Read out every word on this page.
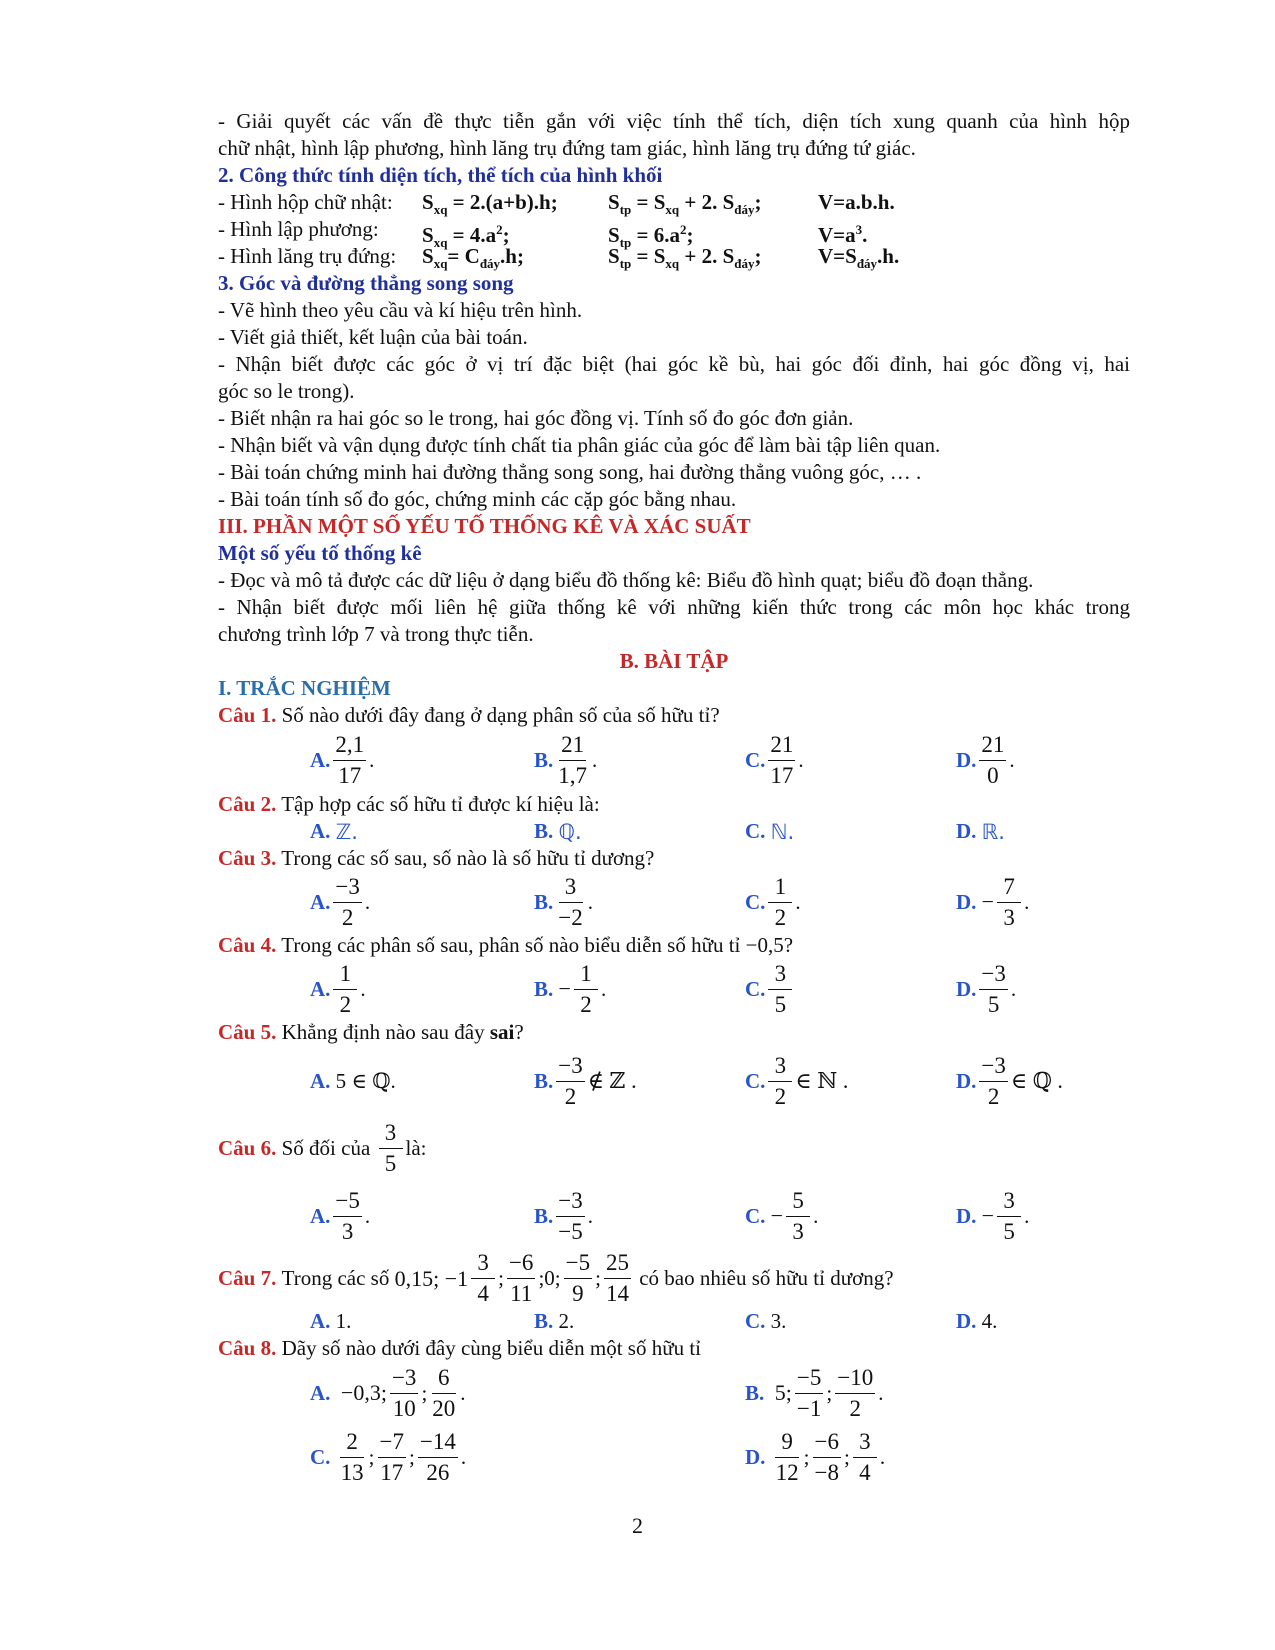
- Giải quyết các vấn đề thực tiễn gắn với việc tính thể tích, diện tích xung quanh của hình hộp
chữ nhật, hình lập phương, hình lăng trụ đứng tam giác, hình lăng trụ đứng tứ giác.
2. Công thức tính diện tích, thể tích của hình khối
- Hình hộp chữ nhật: $S_{xq} = 2.(a+b).h$; $S_{tp} = S_{xq} + 2$. $S_{đáy}$;	V=a.b.h.
- Hình lập phương: $S_{xq} = 4.a^2$;	$S_{tp} = 6.a^2$;	$V=a^3$.
- Hình lăng trụ đứng: $S_{xq}= C_{đáy}.h$;	$S_{tp} = S_{xq} + 2$. $S_{đáy}$;	$V=S_{đáy}.h$.
3. Góc và đường thẳng song song
- Vẽ hình theo yêu cầu và kí hiệu trên hình.
- Viết giả thiết, kết luận của bài toán.
- Nhận biết được các góc ở vị trí đặc biệt (hai góc kề bù, hai góc đối đỉnh, hai góc đồng vị, hai
góc so le trong).
- Biết nhận ra hai góc so le trong, hai góc đồng vị. Tính số đo góc đơn giản.
- Nhận biết và vận dụng được tính chất tia phân giác của góc để làm bài tập liên quan.
- Bài toán chứng minh hai đường thẳng song song, hai đường thẳng vuông góc, … .
- Bài toán tính số đo góc, chứng minh các cặp góc bằng nhau.
III. PHẦN MỘT SỐ YẾU TỐ THỐNG KÊ VÀ XÁC SUẤT
Một số yếu tố thống kê
- Đọc và mô tả được các dữ liệu ở dạng biểu đồ thống kê: Biểu đồ hình quạt; biểu đồ đoạn thẳng.
- Nhận biết được mối liên hệ giữa thống kê với những kiến thức trong các môn học khác trong
chương trình lớp 7 và trong thực tiễn.
B. BÀI TẬP
I. TRẮC NGHIỆM
Câu 1. Số nào dưới đây đang ở dạng phân số của số hữu tỉ?
A. $\frac{2,1}{17}$ .	B. $\frac{21}{1,7}$ .	C. $\frac{21}{17}$ .	D. $\frac{21}{0}$ .
Câu 2. Tập hợp các số hữu tỉ được kí hiệu là:
A.
ℤ.	B.
ℚ.	C.
ℕ.	D.
ℝ.
Câu 3. Trong các số sau, số nào là số hữu tỉ dương?
A. $\frac{-3}{2}$ .	B. $\frac{3}{-2}$ .	C. $\frac{1}{2}$ .	D.
− $\frac{7}{3}$ .
Câu 4. Trong các phân số sau, phân số nào biểu diễn số hữu tỉ −0,5?
A. $\frac{1}{2}$ .	B.
− $\frac{1}{2}$ .	C. $\frac{3}{5}$	D. $\frac{-3}{5}$ .
Câu 5. Khẳng định nào sau đây sai?
A.
5 ∈ ℚ .	B. $\frac{-3}{2}$ ∉ ℤ .	C. $\frac{3}{2}$ ∈ ℕ .	D. $\frac{-3}{2}$ ∈ ℚ .
Câu 6.
Số đối của
$\frac{3}{5}$ là:
A. $\frac{-5}{3}$ .	B. $\frac{-3}{-5}$ .	C.
− $\frac{5}{3}$ .	D.
− $\frac{3}{5}$ .
Câu 7.
Trong các số
0,15; $-1 \frac{3}{4}$ ; $\frac{-6}{11}$ ;0; $\frac{-5}{9}$ ; $\frac{25}{14}$
có bao nhiêu số hữu tỉ dương?
A.
1.	B.
2.	C.
3.	D.
4.
Câu 8. Dãy số nào dưới đây cùng biểu diễn một số hữu tỉ
A.
−0,3; $\frac{-3}{10}$ ; $\frac{6}{20}$ .	B.
5; $\frac{-5}{-1}$ ; $\frac{-10}{2}$ .
C.
$\frac{2}{13}$ ; $\frac{-7}{17}$ ; $\frac{-14}{26}$ .	D.
$\frac{9}{12}$ ; $\frac{-6}{-8}$ ; $\frac{3}{4}$ .
2
